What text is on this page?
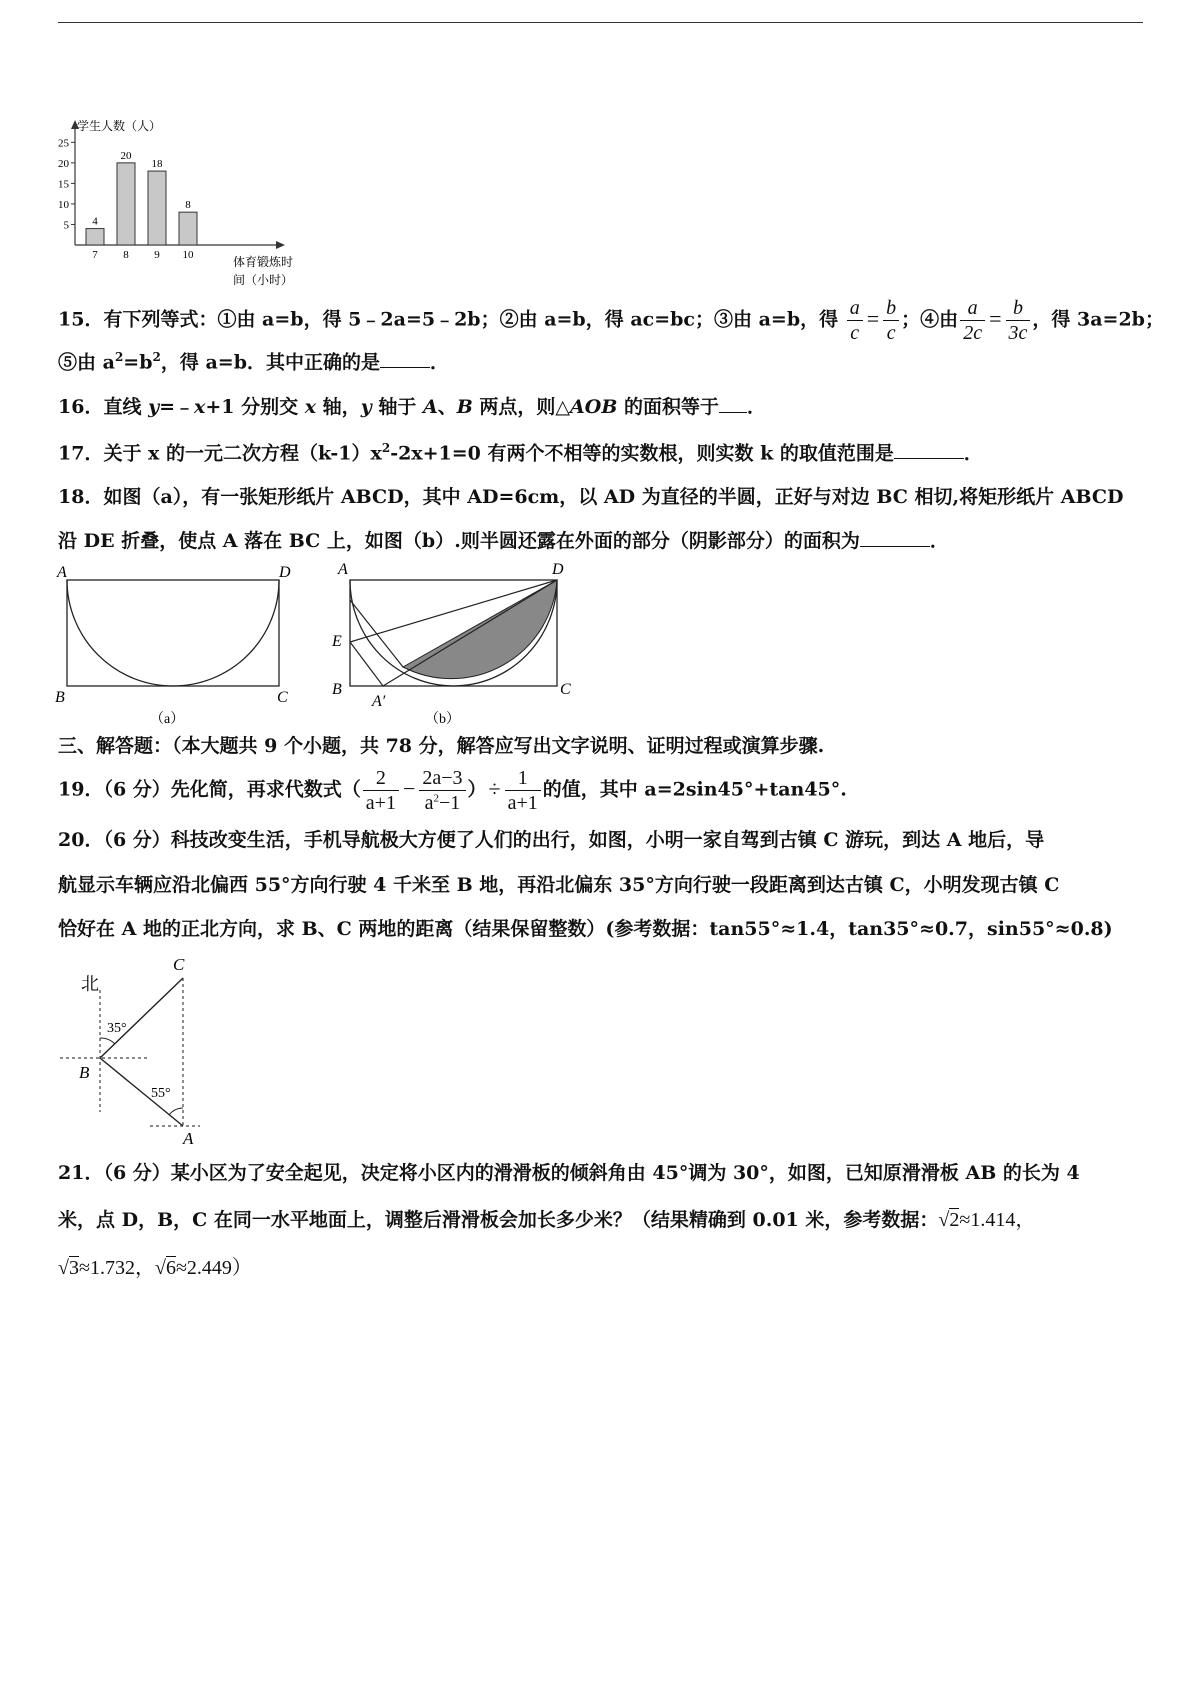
学生人数（人）
体育锻炼时
间（小时）
5
10
15
20
25
4
7
20
8
18
9
8
10
15．有下列等式：①由 a=b，得 5﹣2a=5﹣2b；②由 a=b，得 ac=bc；③由 a=b，得 $\frac{a}{c} = \frac{b}{c}$ ；④由 $\frac{a}{2c} = \frac{b}{3c}$ ，得 3a=2b；
⑤由 $a^2=b^2$，得 a=b．其中正确的是	．
16．直线 y=﹣x+1 分别交 x 轴，y 轴于 A、B 两点，则△AOB 的面积等于 ．
17．关于 x 的一元二次方程$(k-1)x^2-2x+1=0$ 有两个不相等的实数根，则实数 k 的取值范围是	．
18．如图（a），有一张矩形纸片 ABCD，其中 AD=6cm，以 AD 为直径的半圆，正好与对边 BC 相切,将矩形纸片 ABCD
沿 DE 折叠，使点 A 落在 BC 上，如图（b）.则半圆还露在外面的部分（阴影部分）的面积为	．
A	D
B	C
（a）
A	D
E
B
A′
C
（b）
三、解答题：（本大题共 9 个小题，共 78 分，解答应写出文字说明、证明过程或演算步骤.
19．（6 分）先化简，再求代数式（ $\frac{2}{a+1} - \frac{2a-3}{a^2-1}$ ）÷ $\frac{1}{a+1}$ 的值，其中 a=2sin45°+tan45°.
20．（6 分）科技改变生活，手机导航极大方便了人们的出行，如图，小明一家自驾到古镇 C 游玩，到达 A 地后，导
航显示车辆应沿北偏西 55°方向行驶 4 千米至 B 地，再沿北偏东 35°方向行驶一段距离到达古镇 C，小明发现古镇 C
恰好在 A 地的正北方向，求 B、C 两地的距离（结果保留整数）(参考数据：tan55°≈1.4，tan35°≈0.7，sin55°≈0.8)
北
C
B
A
35°
55°
21．（6 分）某小区为了安全起见，决定将小区内的滑滑板的倾斜角由 45°调为 30°，如图，已知原滑滑板 AB 的长为 4
米，点 D，B，C 在同一水平地面上，调整后滑滑板会加长多少米？（结果精确到 0.01 米，参考数据：√2≈1.414，
√3≈1.732，√6≈2.449）
